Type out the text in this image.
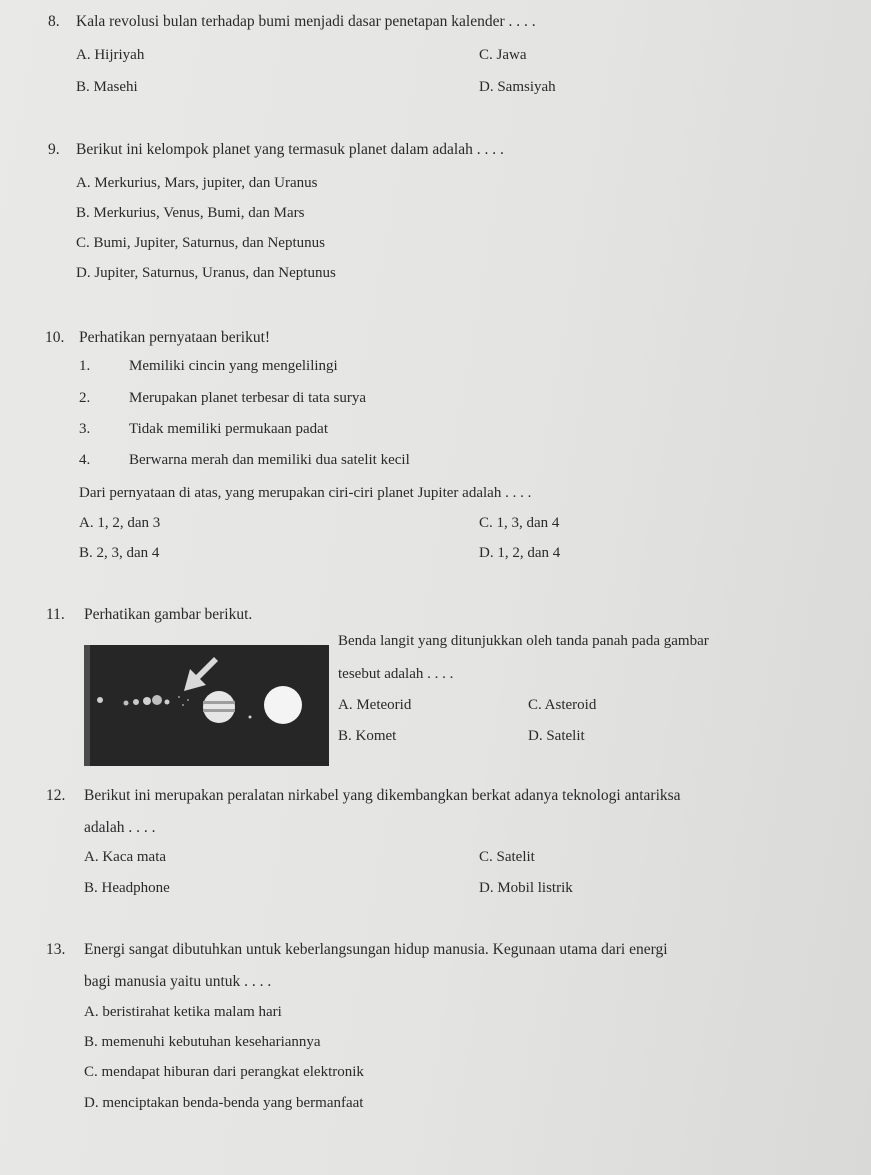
8. Kala revolusi bulan terhadap bumi menjadi dasar penetapan kalender . . . .
A. Hijriyah	C. Jawa
B. Masehi	D. Samsiyah
9. Berikut ini kelompok planet yang termasuk planet dalam adalah . . . .
A. Merkurius, Mars, jupiter, dan Uranus
B. Merkurius, Venus, Bumi, dan Mars
C. Bumi, Jupiter, Saturnus, dan Neptunus
D. Jupiter, Saturnus, Uranus, dan Neptunus
10. Perhatikan pernyataan berikut!
1.	Memiliki cincin yang mengelilingi
2.	Merupakan planet terbesar di tata surya
3.	Tidak memiliki permukaan padat
4.	Berwarna merah dan memiliki dua satelit kecil
Dari pernyataan di atas, yang merupakan ciri-ciri planet Jupiter adalah . . . .
A. 1, 2, dan 3	C. 1, 3, dan 4
B. 2, 3, dan 4	D. 1, 2, dan 4
11. Perhatikan gambar berikut.
Benda langit yang ditunjukkan oleh tanda panah pada gambar
tesebut adalah . . . .
A. Meteorid	C. Asteroid
B. Komet	D. Satelit
12. Berikut ini merupakan peralatan nirkabel yang dikembangkan berkat adanya teknologi antariksa
adalah . . . .
A. Kaca mata	C. Satelit
B. Headphone	D. Mobil listrik
13. Energi sangat dibutuhkan untuk keberlangsungan hidup manusia. Kegunaan utama dari energi
bagi manusia yaitu untuk . . . .
A. beristirahat ketika malam hari
B. memenuhi kebutuhan kesehariannya
C. mendapat hiburan dari perangkat elektronik
D. menciptakan benda-benda yang bermanfaat
